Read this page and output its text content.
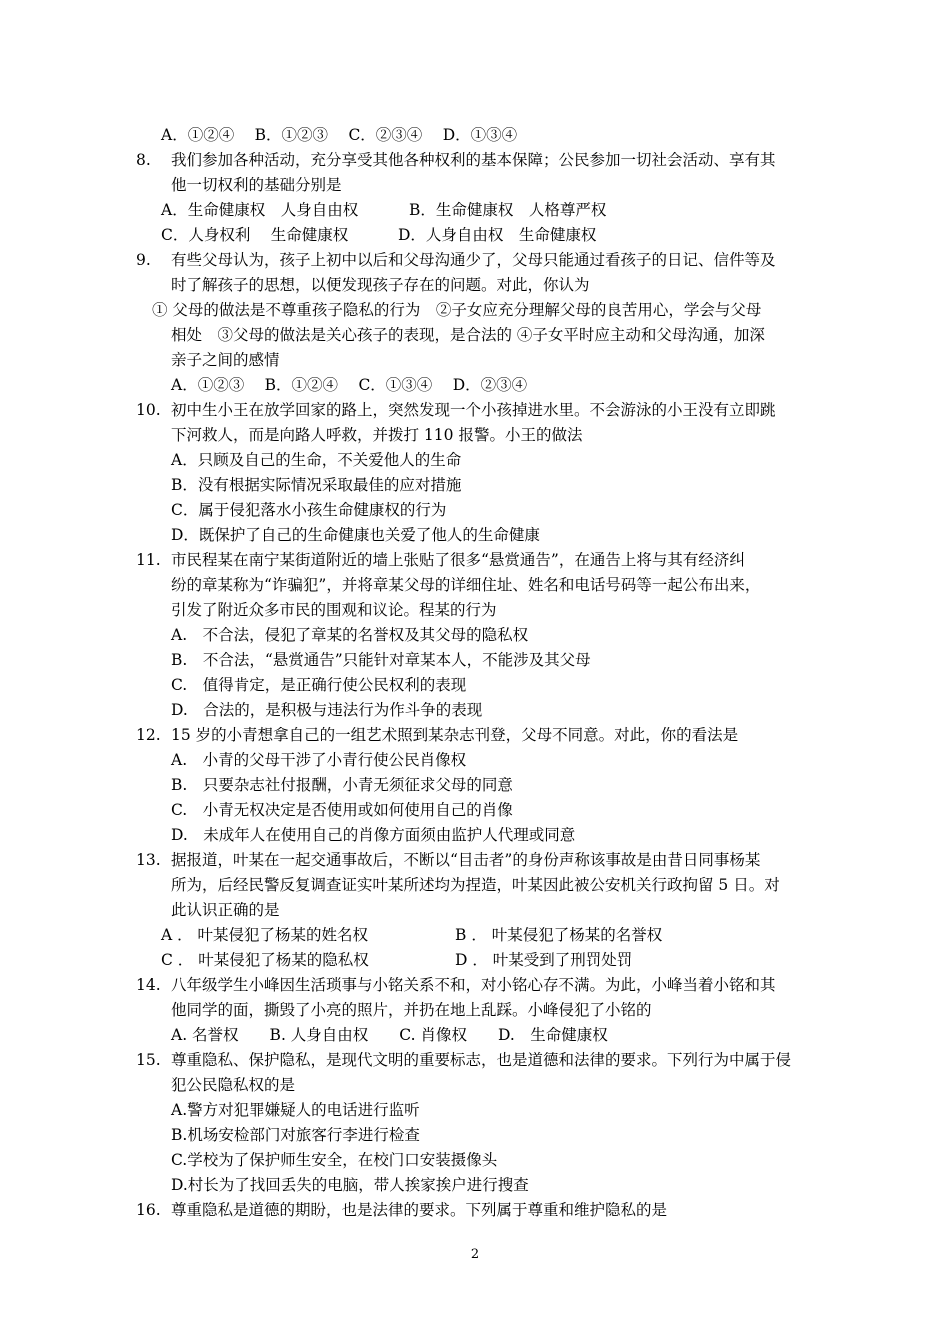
A．①②④　 B．①②③　 C．②③④　 D．①③④
8. 我们参加各种活动，充分享受其他各种权利的基本保障；公民参加一切社会活动、享有其
他一切权利的基础分别是
A．生命健康权　人身自由权	B．生命健康权　人格尊严权
C．人身权利　 生命健康权	D．人身自由权　生命健康权
9. 有些父母认为，孩子上初中以后和父母沟通少了，父母只能通过看孩子的日记、信件等及
时了解孩子的思想，以便发现孩子存在的问题。对此，你认为
① 父母的做法是不尊重孩子隐私的行为　②子女应充分理解父母的良苦用心，学会与父母
相处　③父母的做法是关心孩子的表现，是合法的 ④子女平时应主动和父母沟通，加深
亲子之间的感情
A．①②③　 B．①②④　 C．①③④　 D．②③④
10. 初中生小王在放学回家的路上，突然发现一个小孩掉进水里。不会游泳的小王没有立即跳
下河救人，而是向路人呼救，并拨打 110 报警。小王的做法
A．只顾及自己的生命，不关爱他人的生命
B．没有根据实际情况采取最佳的应对措施
C．属于侵犯落水小孩生命健康权的行为
D．既保护了自己的生命健康也关爱了他人的生命健康
11. 市民程某在南宁某街道附近的墙上张贴了很多“悬赏通告”，在通告上将与其有经济纠
纷的章某称为“诈骗犯”，并将章某父母的详细住址、姓名和电话号码等一起公布出来，
引发了附近众多市民的围观和议论。程某的行为
A.　不合法，侵犯了章某的名誉权及其父母的隐私权
B.　不合法，“悬赏通告”只能针对章某本人，不能涉及其父母
C.　值得肯定，是正确行使公民权利的表现
D.　合法的，是积极与违法行为作斗争的表现
12. 15 岁的小青想拿自己的一组艺术照到某杂志刊登，父母不同意。对此，你的看法是
A.　小青的父母干涉了小青行使公民肖像权
B.　只要杂志社付报酬，小青无须征求父母的同意
C.　小青无权决定是否使用或如何使用自己的肖像
D.　未成年人在使用自己的肖像方面须由监护人代理或同意
13. 据报道，叶某在一起交通事故后，不断以“目击者”的身份声称该事故是由昔日同事杨某
所为，后经民警反复调查证实叶某所述均为捏造，叶某因此被公安机关行政拘留 5 日。对
此认识正确的是
A ． 叶某侵犯了杨某的姓名权	B ． 叶某侵犯了杨某的名誉权
C ． 叶某侵犯了杨某的隐私权	D ． 叶某受到了刑罚处罚
14. 八年级学生小峰因生活琐事与小铭关系不和，对小铭心存不满。为此，小峰当着小铭和其
他同学的面，撕毁了小亮的照片，并扔在地上乱踩。小峰侵犯了小铭的
A. 名誉权　　B. 人身自由权　　C. 肖像权　　D.　生命健康权
15. 尊重隐私、保护隐私，是现代文明的重要标志，也是道德和法律的要求。下列行为中属于侵
犯公民隐私权的是
A.警方对犯罪嫌疑人的电话进行监听
B.机场安检部门对旅客行李进行检查
C.学校为了保护师生安全，在校门口安装摄像头
D.村长为了找回丢失的电脑，带人挨家挨户进行搜查
16. 尊重隐私是道德的期盼，也是法律的要求。下列属于尊重和维护隐私的是
2
